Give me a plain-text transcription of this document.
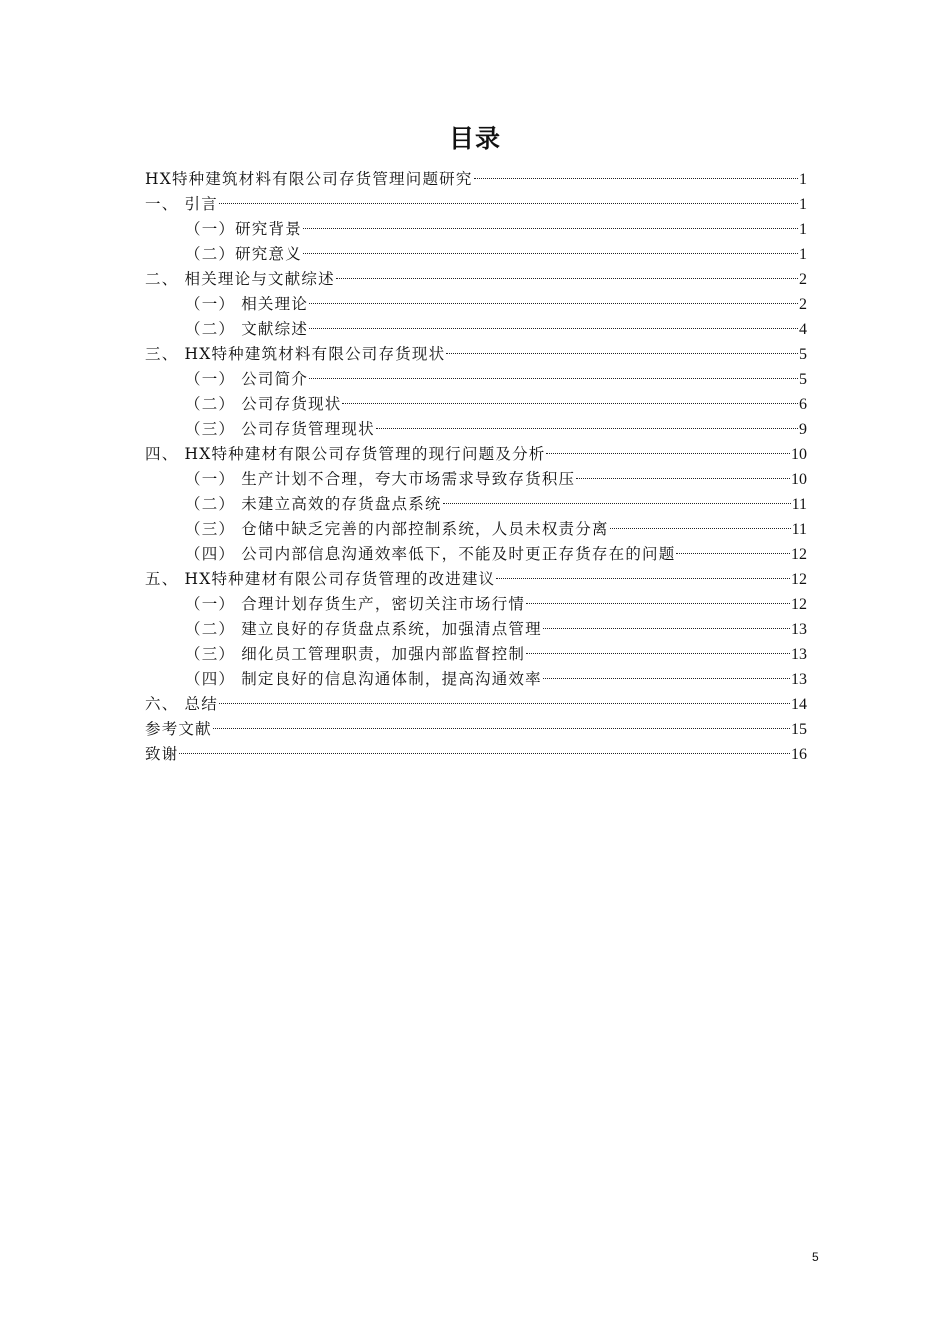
目录
HX特种建筑材料有限公司存货管理问题研究	1
一、 引言	1
（一）研究背景	1
（二）研究意义	1
二、 相关理论与文献综述	2
（一） 相关理论	2
（二） 文献综述	4
三、 HX特种建筑材料有限公司存货现状	5
（一） 公司简介	5
（二） 公司存货现状	6
（三） 公司存货管理现状	9
四、 HX特种建材有限公司存货管理的现行问题及分析	10
（一） 生产计划不合理，夸大市场需求导致存货积压	10
（二） 未建立高效的存货盘点系统	11
（三） 仓储中缺乏完善的内部控制系统，人员未权责分离	11
（四） 公司内部信息沟通效率低下，不能及时更正存货存在的问题	12
五、 HX特种建材有限公司存货管理的改进建议	12
（一） 合理计划存货生产，密切关注市场行情	12
（二） 建立良好的存货盘点系统，加强清点管理	13
（三） 细化员工管理职责，加强内部监督控制	13
（四） 制定良好的信息沟通体制，提高沟通效率	13
六、 总结	14
参考文献	15
致谢	16
5
